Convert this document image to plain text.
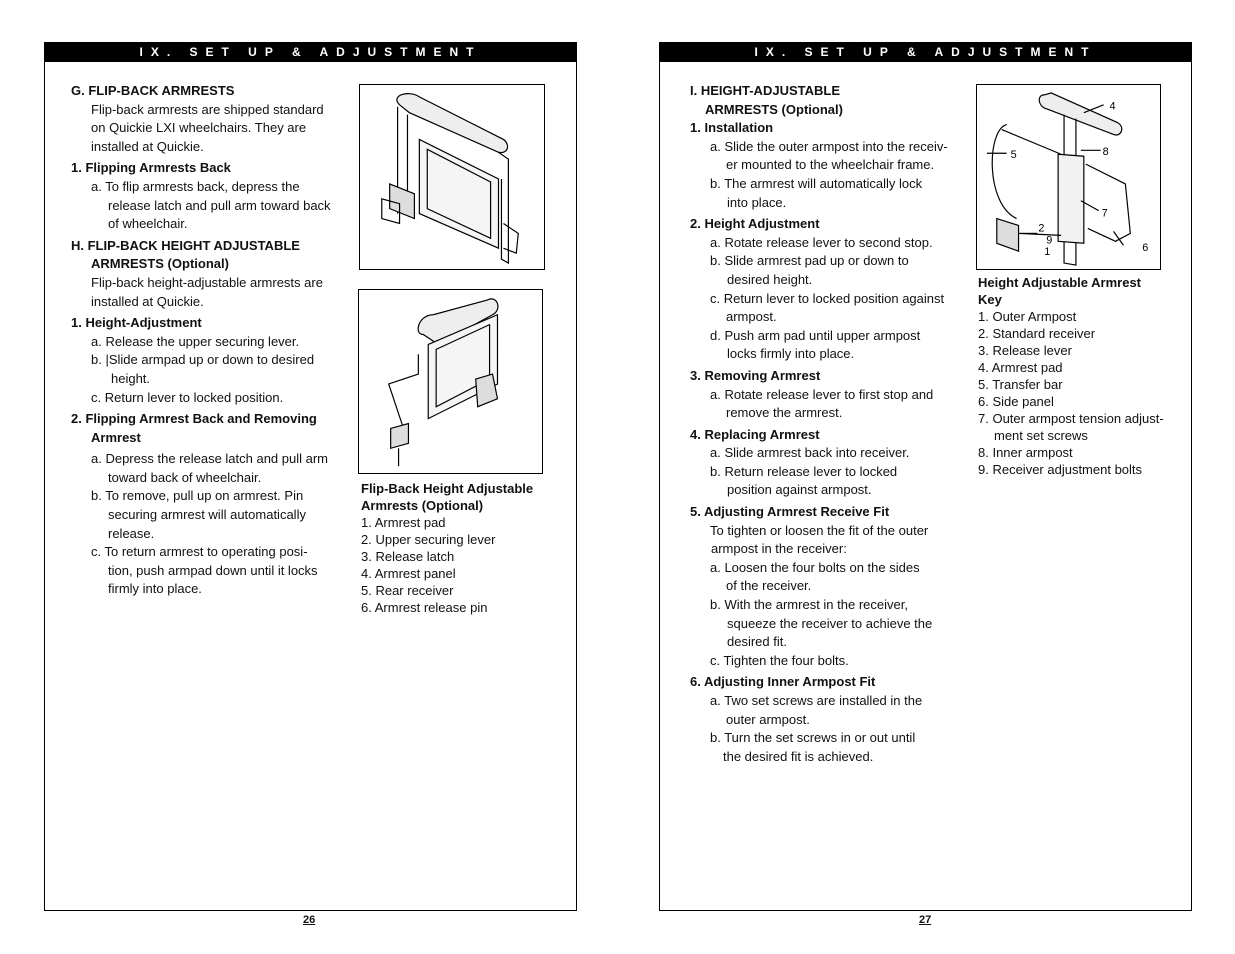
IX. SET UP & ADJUSTMENT

G. FLIP-BACK ARMRESTS

Flip-back armrests are shipped standard

on Quickie LXI wheelchairs. They are

installed at Quickie.

1. Flipping Armrests Back

a. To flip armrests back, depress the

release latch and pull arm toward back

of wheelchair.

H. FLIP-BACK HEIGHT ADJUSTABLE

ARMRESTS (Optional)

Flip-back height-adjustable armrests are

installed at Quickie.

1. Height-Adjustment

a. Release the upper securing lever.

b. |Slide armpad up or down to desired

height.

c. Return lever to locked position.

2. Flipping Armrest Back and Removing

Armrest

a. Depress the release latch and pull arm

toward back of wheelchair.

b. To remove, pull up on armrest. Pin

securing armrest will automatically

release.

c. To return armrest to operating posi-

tion, push armpad down until it locks

firmly into place.

Flip-Back Height Adjustable

Armrests (Optional)

1. Armrest pad

2. Upper securing lever

3. Release latch

4. Armrest panel

5. Rear receiver

6. Armrest release pin

26
IX. SET UP & ADJUSTMENT

I. HEIGHT-ADJUSTABLE

ARMRESTS (Optional)

1. Installation

a. Slide the outer armpost into the receiv-

er mounted to the wheelchair frame.

b. The armrest will automatically lock

into place.

2. Height Adjustment

a. Rotate release lever to second stop.

b. Slide armrest pad up or down to

desired height.

c. Return lever to locked position against

armpost.

d. Push arm pad until upper armpost

locks firmly into place.

3. Removing Armrest

a. Rotate release lever to first stop and

remove the armrest.

4. Replacing Armrest

a. Slide armrest back into receiver.

b. Return release lever to locked

position against armpost.

5. Adjusting Armrest Receive Fit

To tighten or loosen the fit of the outer

armpost in the receiver:

a. Loosen the four bolts on the sides

of the receiver.

b. With the armrest in the receiver,

squeeze the receiver to achieve the

desired fit.

c. Tighten the four bolts.

6. Adjusting Inner Armpost Fit

a. Two set screws are installed in the

outer armpost.

b. Turn the set screws in or out until

the desired fit is achieved.

4
5	8
7
2
9
1	6

Height Adjustable Armrest

Key

1. Outer Armpost

2. Standard receiver

3. Release lever

4. Armrest pad

5. Transfer bar

6. Side panel

7. Outer armpost tension adjust-

ment set screws

8. Inner armpost

9. Receiver adjustment bolts

27
